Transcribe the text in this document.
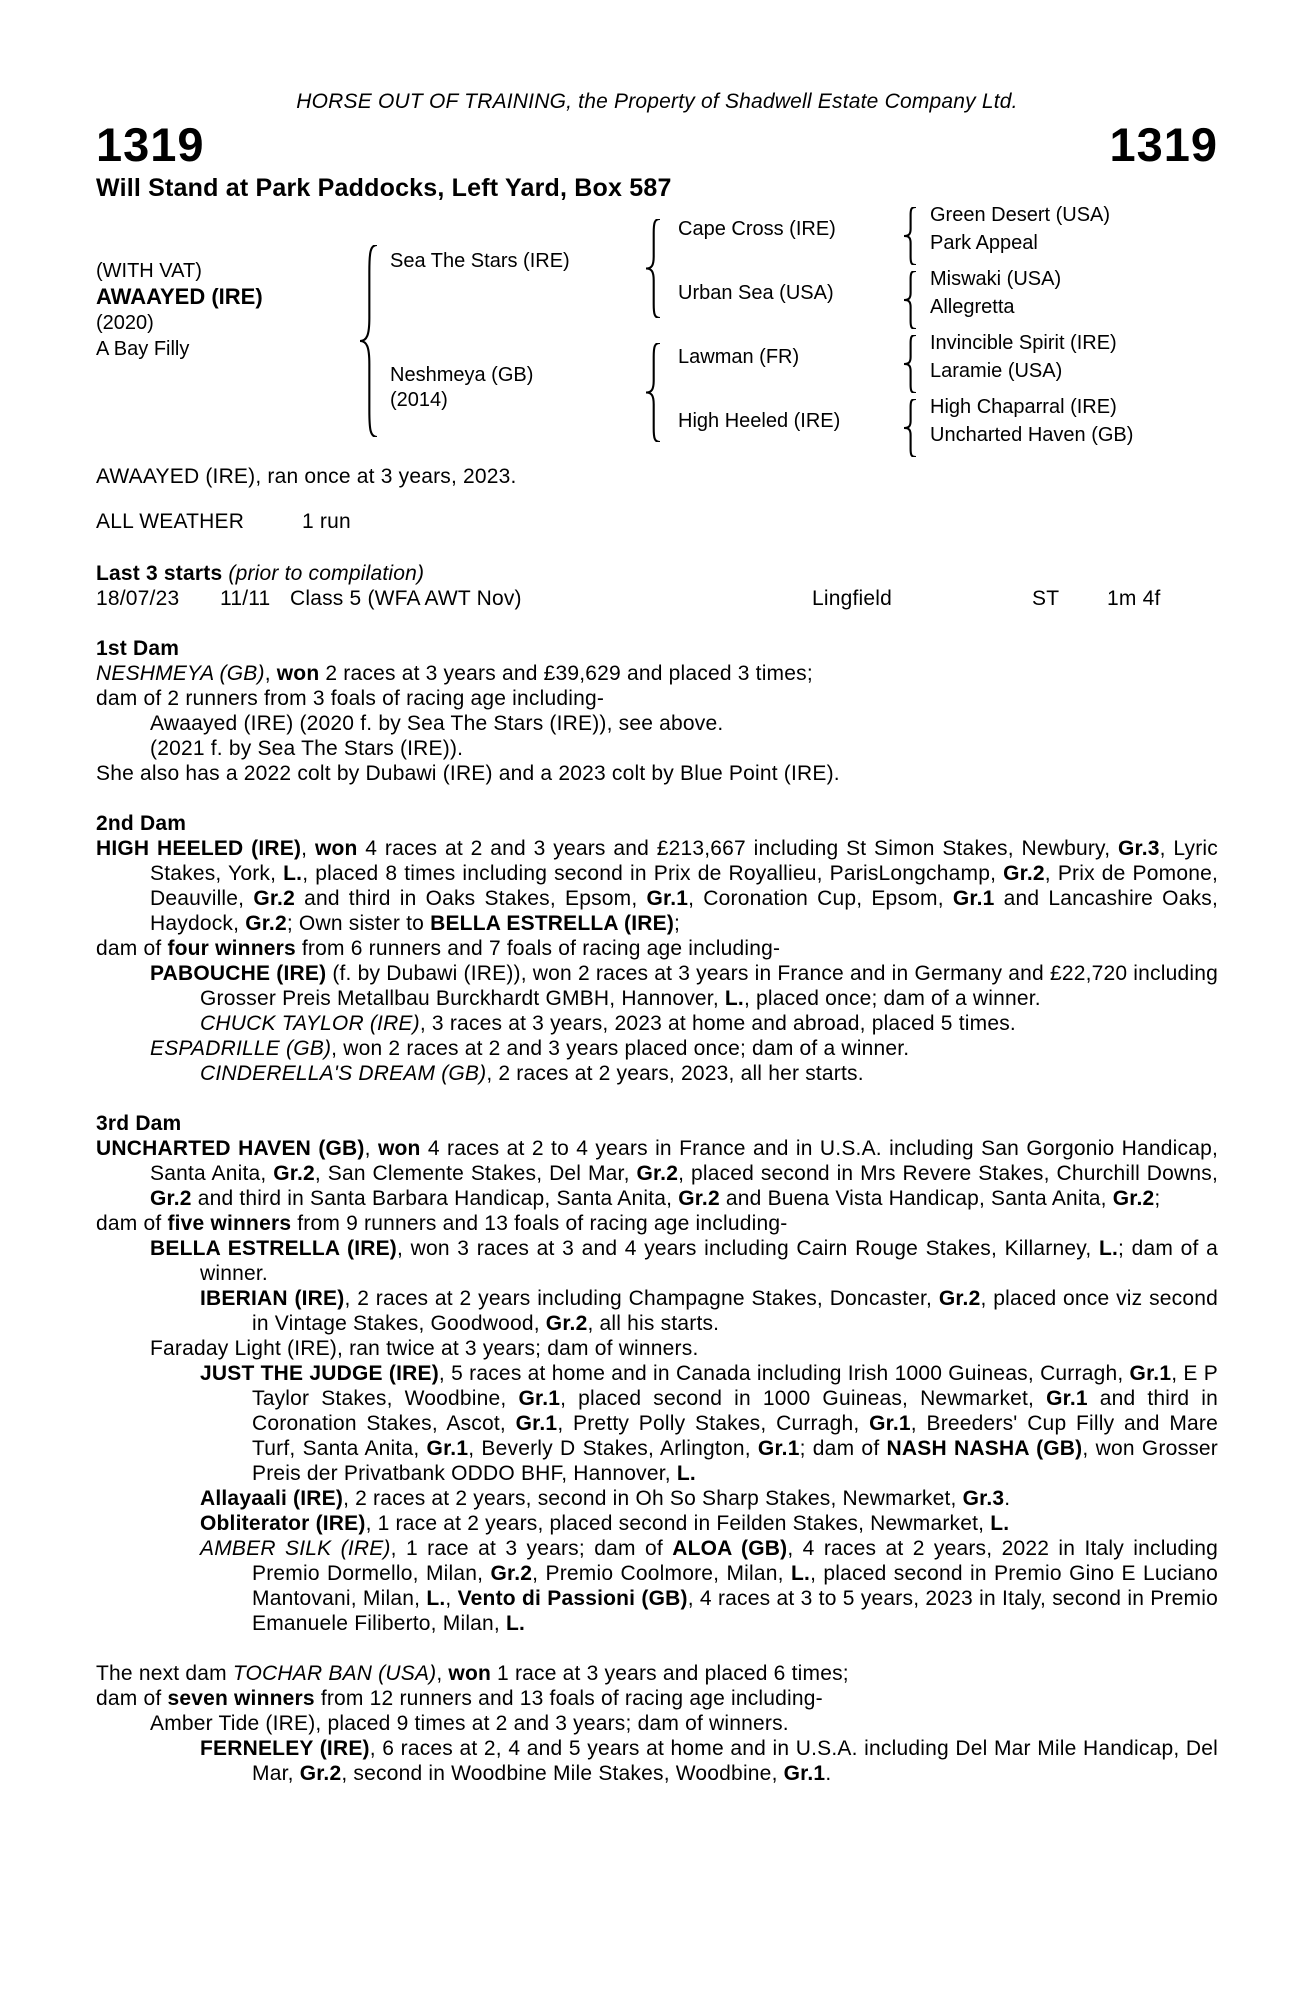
HORSE OUT OF TRAINING, the Property of Shadwell Estate Company Ltd.
1319	1319
Will Stand at Park Paddocks, Left Yard, Box 587
(WITH VAT)
AWAAYED (IRE)
(2020)
A Bay Filly
Sea The Stars (IRE)
Neshmeya (GB)
(2014)
Cape Cross (IRE)
Urban Sea (USA)
Lawman (FR)
High Heeled (IRE)
Green Desert (USA)
Park Appeal
Miswaki (USA)
Allegretta
Invincible Spirit (IRE)
Laramie (USA)
High Chaparral (IRE)
Uncharted Haven (GB)
AWAAYED (IRE), ran once at 3 years, 2023.
ALL WEATHER	1 run
Last 3 starts (prior to compilation)
18/07/23 11/11 Class 5 (WFA AWT Nov)	Lingfield	ST 1m 4f
1st Dam
NESHMEYA (GB), won 2 races at 3 years and £39,629 and placed 3 times;
dam of 2 runners from 3 foals of racing age including-
Awaayed (IRE) (2020 f. by Sea The Stars (IRE)), see above.
(2021 f. by Sea The Stars (IRE)).
She also has a 2022 colt by Dubawi (IRE) and a 2023 colt by Blue Point (IRE).
2nd Dam
HIGH HEELED (IRE), won 4 races at 2 and 3 years and £213,667 including St Simon Stakes, Newbury, Gr.3, Lyric Stakes, York, L., placed 8 times including second in Prix de Royallieu, ParisLongchamp, Gr.2, Prix de Pomone, Deauville, Gr.2 and third in Oaks Stakes, Epsom, Gr.1, Coronation Cup, Epsom, Gr.1 and Lancashire Oaks, Haydock, Gr.2; Own sister to BELLA ESTRELLA (IRE);
dam of four winners from 6 runners and 7 foals of racing age including-
PABOUCHE (IRE) (f. by Dubawi (IRE)), won 2 races at 3 years in France and in Germany and £22,720 including Grosser Preis Metallbau Burckhardt GMBH, Hannover, L., placed once; dam of a winner.
CHUCK TAYLOR (IRE), 3 races at 3 years, 2023 at home and abroad, placed 5 times.
ESPADRILLE (GB), won 2 races at 2 and 3 years placed once; dam of a winner.
CINDERELLA'S DREAM (GB), 2 races at 2 years, 2023, all her starts.
3rd Dam
UNCHARTED HAVEN (GB), won 4 races at 2 to 4 years in France and in U.S.A. including San Gorgonio Handicap, Santa Anita, Gr.2, San Clemente Stakes, Del Mar, Gr.2, placed second in Mrs Revere Stakes, Churchill Downs, Gr.2 and third in Santa Barbara Handicap, Santa Anita, Gr.2 and Buena Vista Handicap, Santa Anita, Gr.2;
dam of five winners from 9 runners and 13 foals of racing age including-
BELLA ESTRELLA (IRE), won 3 races at 3 and 4 years including Cairn Rouge Stakes, Killarney, L.; dam of a winner.
IBERIAN (IRE), 2 races at 2 years including Champagne Stakes, Doncaster, Gr.2, placed once viz second in Vintage Stakes, Goodwood, Gr.2, all his starts.
Faraday Light (IRE), ran twice at 3 years; dam of winners.
JUST THE JUDGE (IRE), 5 races at home and in Canada including Irish 1000 Guineas, Curragh, Gr.1, E P Taylor Stakes, Woodbine, Gr.1, placed second in 1000 Guineas, Newmarket, Gr.1 and third in Coronation Stakes, Ascot, Gr.1, Pretty Polly Stakes, Curragh, Gr.1, Breeders' Cup Filly and Mare Turf, Santa Anita, Gr.1, Beverly D Stakes, Arlington, Gr.1; dam of NASH NASHA (GB), won Grosser Preis der Privatbank ODDO BHF, Hannover, L.
Allayaali (IRE), 2 races at 2 years, second in Oh So Sharp Stakes, Newmarket, Gr.3.
Obliterator (IRE), 1 race at 2 years, placed second in Feilden Stakes, Newmarket, L.
AMBER SILK (IRE), 1 race at 3 years; dam of ALOA (GB), 4 races at 2 years, 2022 in Italy including Premio Dormello, Milan, Gr.2, Premio Coolmore, Milan, L., placed second in Premio Gino E Luciano Mantovani, Milan, L., Vento di Passioni (GB), 4 races at 3 to 5 years, 2023 in Italy, second in Premio Emanuele Filiberto, Milan, L.
The next dam TOCHAR BAN (USA), won 1 race at 3 years and placed 6 times;
dam of seven winners from 12 runners and 13 foals of racing age including-
Amber Tide (IRE), placed 9 times at 2 and 3 years; dam of winners.
FERNELEY (IRE), 6 races at 2, 4 and 5 years at home and in U.S.A. including Del Mar Mile Handicap, Del Mar, Gr.2, second in Woodbine Mile Stakes, Woodbine, Gr.1.
